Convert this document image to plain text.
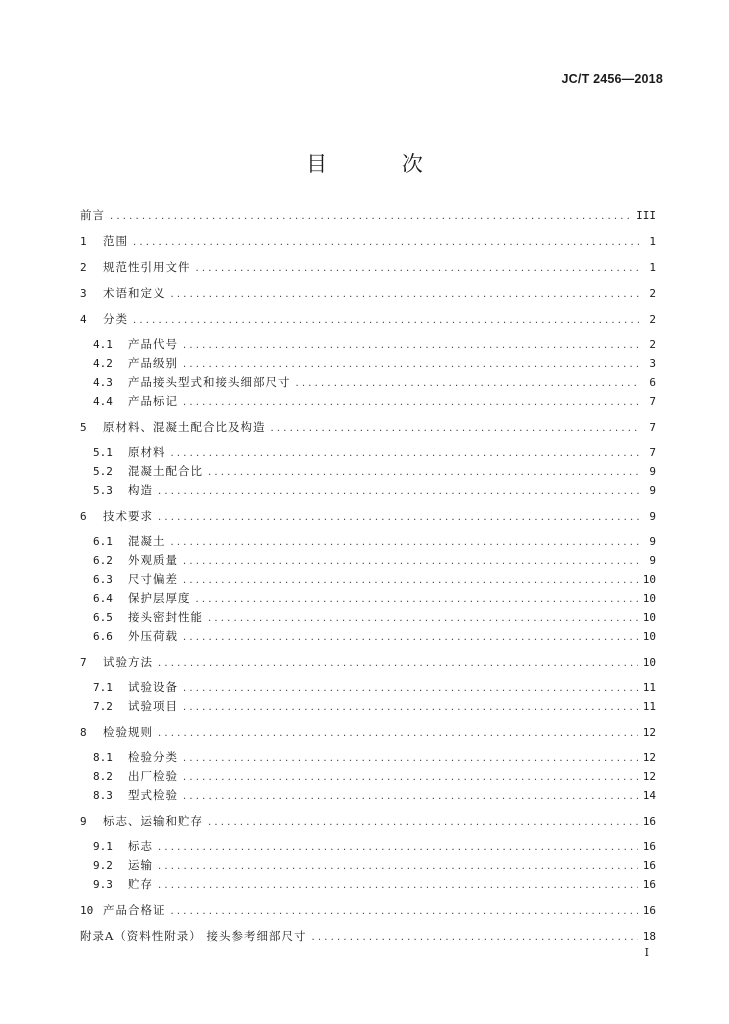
JC/T 2456—2018
目 次
前言 .....	III
1	范围 .....	1
2	规范性引用文件 .....	1
3	术语和定义 .....	2
4	分类 .....	2
4.1	产品代号 .....	2
4.2	产品级别 .....	3
4.3	产品接头型式和接头细部尺寸 .....	6
4.4	产品标记 .....	7
5	原材料、混凝土配合比及构造 .....	7
5.1	原材料 .....	7
5.2	混凝土配合比 .....	9
5.3	构造 .....	9
6	技术要求 .....	9
6.1	混凝土 .....	9
6.2	外观质量 .....	9
6.3	尺寸偏差 .....	10
6.4	保护层厚度 .....	10
6.5	接头密封性能 .....	10
6.6	外压荷载 .....	10
7	试验方法 .....	10
7.1	试验设备 .....	11
7.2	试验项目 .....	11
8	检验规则 .....	12
8.1	检验分类 .....	12
8.2	出厂检验 .....	12
8.3	型式检验 .....	14
9	标志、运输和贮存 .....	16
9.1	标志 .....	16
9.2	运输 .....	16
9.3	贮存 .....	16
10 产品合格证 .....	16
附录A（资料性附录） 接头参考细部尺寸 .....	18
I
